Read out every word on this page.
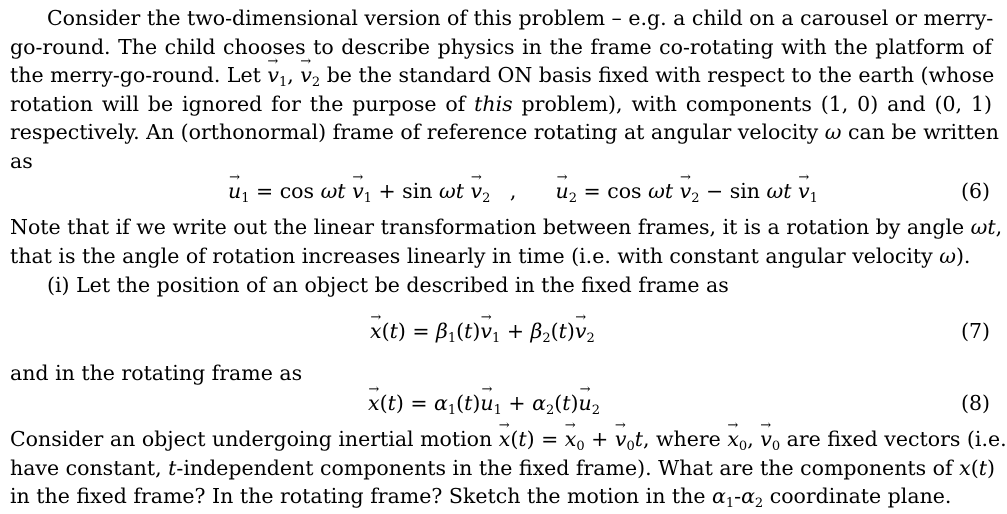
Consider the two-dimensional version of this problem – e.g. a child on a carousel or merry-
go-round. The child chooses to describe physics in the frame co-rotating with the platform of
the merry-go-round. Let → $v_1$, → $v_2$ be the standard ON basis fixed with respect to the earth (whose
rotation will be ignored for the purpose of this problem), with components (1, 0) and (0, 1)
respectively. An (orthonormal) frame of reference rotating at angular velocity ω can be written
as
→ $u_1 = \cos \omega t \to v_1 + \sin \omega t \to v_2$   ,      → $u_2 = \cos \omega t \to v_2 - \sin \omega t \to v_1$	(6)
Note that if we write out the linear transformation between frames, it is a rotation by angle ωt,
that is the angle of rotation increases linearly in time (i.e. with constant angular velocity ω).
(i) Let the position of an object be described in the fixed frame as
→ $x(t) = \beta_1(t)\to v_1 + \beta_2(t)\to v_2$	(7)
and in the rotating frame as
→ $x(t) = \alpha_1(t)\to u_1 + \alpha_2(t)\to u_2$	(8)
Consider an object undergoing inertial motion → x(t) = → $x_0$ + → $v_0t$, where → $x_0$, → $v_0$ are fixed vectors (i.e.
have constant, t-independent components in the fixed frame). What are the components of x(t)
in the fixed frame? In the rotating frame? Sketch the motion in the $\alpha_1-\alpha_2$ coordinate plane.
